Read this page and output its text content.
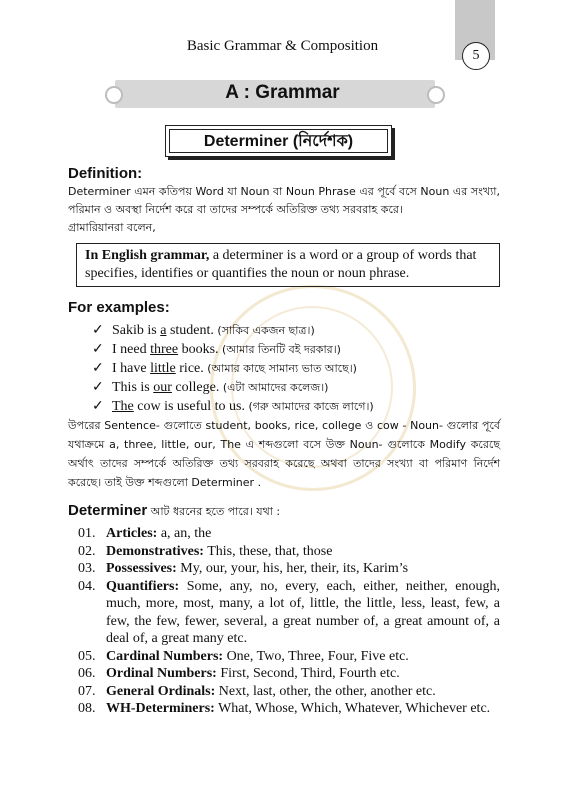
5
Basic Grammar & Composition
A : Grammar
Determiner (নির্দেশক)
Definition:

Determiner এমন কতিপয় Word যা Noun বা Noun Phrase এর পূর্বে বসে Noun এর সংখ্যা, পরিমান ও অবস্থা নির্দেশ করে বা তাদের সম্পর্কে অতিরিক্ত তথ্য সরবরাহ করে।

গ্রামারিয়ানরা বলেন,

In English grammar, a determiner is a word or a group of words that specifies, identifies or quantifies the noun or noun phrase.
For examples:
✓ Sakib is a student. (সাকিব একজন ছাত্র।)
✓ I need three books. (আমার তিনটি বই দরকার।)
✓ I have little rice. (আমার কাছে সামান্য ভাত আছে।)
✓ This is our college. (এটা আমাদের কলেজ।)
✓ The cow is useful to us. (গরু আমাদের কাজে লাগে।)

উপরের Sentence- গুলোতে student, books, rice, college ও cow - Noun- গুলোর পূর্বে যথাক্রমে a, three, little, our, The এ শব্দগুলো বসে উক্ত Noun- গুলোকে Modify করেছে অর্থাৎ তাদের সম্পর্কে অতিরিক্ত তথ্য সরবরাহ করেছে অথবা তাদের সংখ্যা বা পরিমাণ নির্দেশ করেছে। তাই উক্ত শব্দগুলো Determiner .

Determiner আট ধরনের হতে পারে। যথা :
01. Articles: a, an, the
02. Demonstratives: This, these, that, those
03. Possessives: My, our, your, his, her, their, its, Karim’s
04. Quantifiers: Some, any, no, every, each, either, neither, enough, much, more, most, many, a lot of, little, the little, less, least, few, a few, the few, fewer, several, a great number of, a great amount of, a deal of, a great many etc.
05. Cardinal Numbers: One, Two, Three, Four, Five etc.
06. Ordinal Numbers: First, Second, Third, Fourth etc.
07. General Ordinals: Next, last, other, the other, another etc.
08. WH-Determiners: What, Whose, Which, Whatever, Whichever etc.
